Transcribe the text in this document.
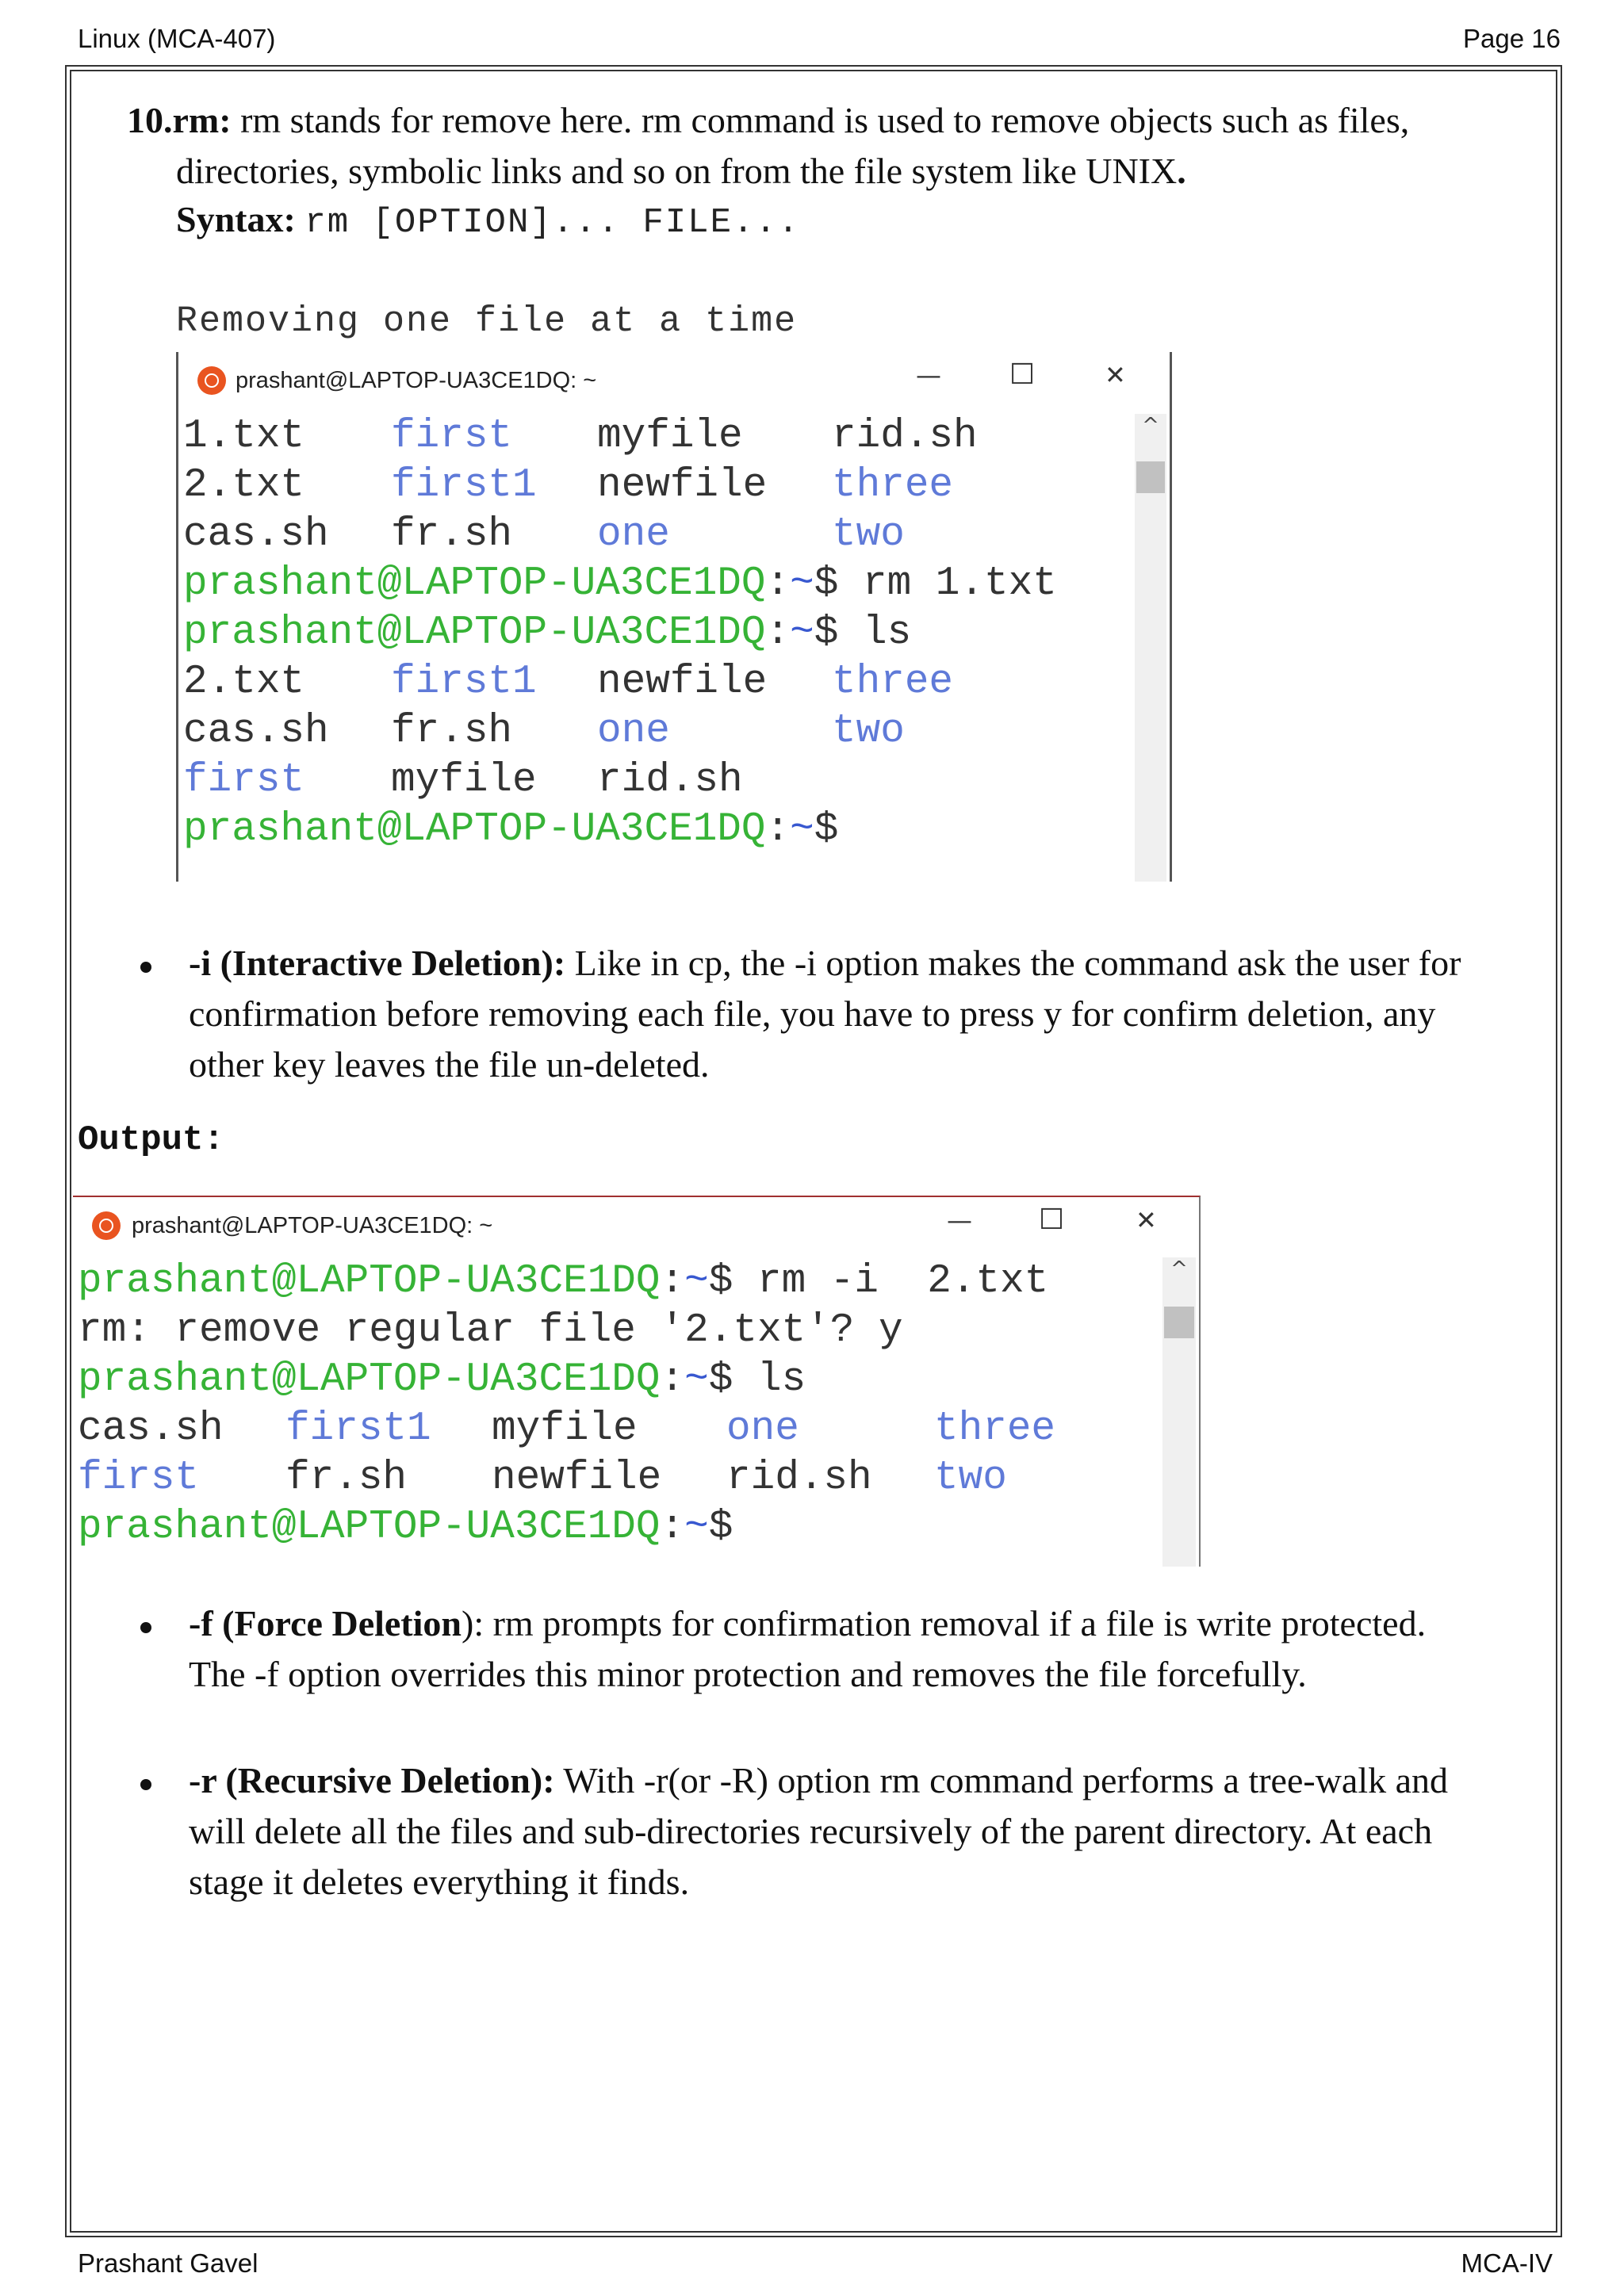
Linux (MCA-407)	Page 16
10.rm: rm stands for remove here. rm command is used to remove objects such as files,
directories, symbolic links and so on from the file system like UNIX.
Syntax: rm [OPTION]... FILE...
Removing one file at a time
prashant@LAPTOP-UA3CE1DQ: ~	— ☐	✕
^
1.txt first myfile rid.sh
2.txt first1 newfile three
cas.sh fr.sh one	two
prashant@LAPTOP-UA3CE1DQ:~$ rm 1.txt
prashant@LAPTOP-UA3CE1DQ:~$ ls
2.txt first1 newfile three
cas.sh fr.sh one	two
first myfile rid.sh
prashant@LAPTOP-UA3CE1DQ:~$
-i (Interactive Deletion): Like in cp, the -i option makes the command ask the user for
confirmation before removing each file, you have to press y for confirm deletion, any
other key leaves the file un-deleted.
Output:
prashant@LAPTOP-UA3CE1DQ: ~	— ☐	✕
^
prashant@LAPTOP-UA3CE1DQ:~$ rm -i  2.txt
rm: remove regular file '2.txt'? y
prashant@LAPTOP-UA3CE1DQ:~$ ls
cas.sh first1 myfile one	three
first fr.sh newfile rid.sh two
prashant@LAPTOP-UA3CE1DQ:~$
-f (Force Deletion): rm prompts for confirmation removal if a file is write protected.
The -f option overrides this minor protection and removes the file forcefully.
-r (Recursive Deletion): With -r(or -R) option rm command performs a tree-walk and
will delete all the files and sub-directories recursively of the parent directory. At each
stage it deletes everything it finds.
Prashant Gavel	MCA-IV
